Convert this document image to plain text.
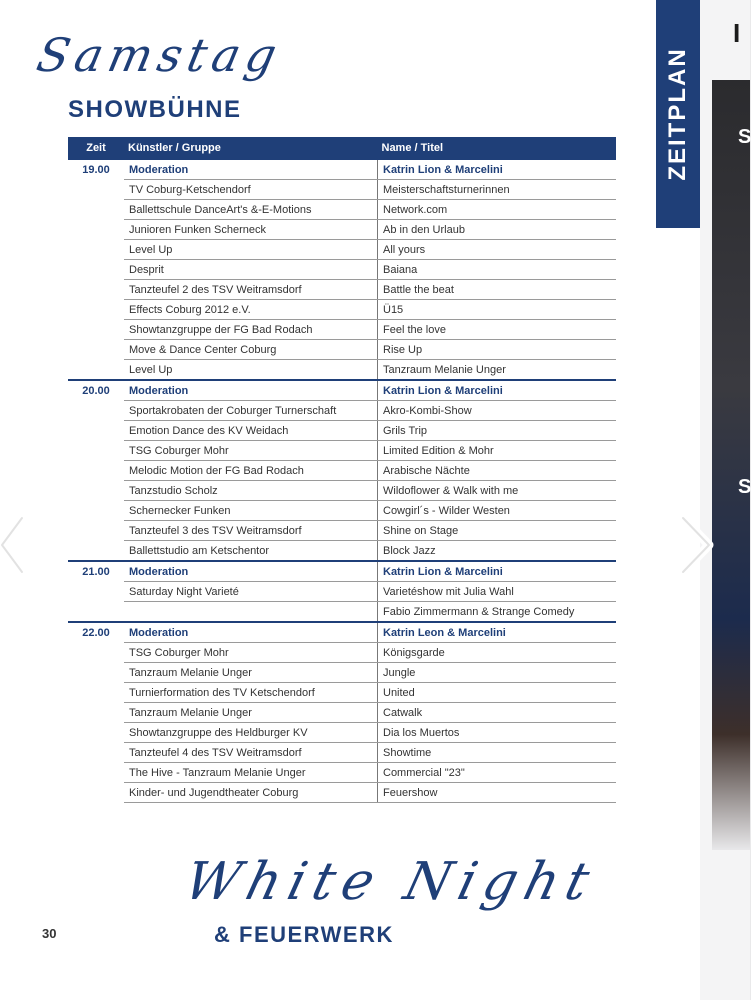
Samstag
SHOWBÜHNE
Zeit	Künstler / Gruppe	Name / Titel
19.00	Moderation	Katrin Lion & Marcelini
	TV Coburg-Ketschendorf	Meisterschaftsturnerinnen
	Ballettschule DanceArt's &-E-Motions	Network.com
	Junioren Funken Scherneck	Ab in den Urlaub
	Level Up	All yours
	Desprit	Baiana
	Tanzteufel 2 des TSV Weitramsdorf	Battle the beat
	Effects Coburg 2012 e.V.	Ü15
	Showtanzgruppe der FG Bad Rodach	Feel the love
	Move & Dance Center Coburg	Rise Up
	Level Up	Tanzraum Melanie Unger
20.00	Moderation	Katrin Lion & Marcelini
	Sportakrobaten der Coburger Turnerschaft	Akro-Kombi-Show
	Emotion Dance des KV Weidach	Grils Trip
	TSG Coburger Mohr	Limited Edition & Mohr
	Melodic Motion der FG Bad Rodach	Arabische Nächte
	Tanzstudio Scholz	Wildoflower & Walk with me
	Schernecker Funken	Cowgirl´s - Wilder Westen
	Tanzteufel 3 des TSV Weitramsdorf	Shine on Stage
	Ballettstudio am Ketschentor	Block Jazz
21.00	Moderation	Katrin Lion & Marcelini
	Saturday Night Varieté	Varietéshow mit Julia Wahl
		Fabio Zimmermann & Strange Comedy
22.00	Moderation	Katrin Leon & Marcelini
	TSG Coburger Mohr	Königsgarde
	Tanzraum Melanie Unger	Jungle
	Turnierformation des TV Ketschendorf	United
	Tanzraum Melanie Unger	Catwalk
	Showtanzgruppe des Heldburger KV	Dia los Muertos
	Tanzteufel 4 des TSV Weitramsdorf	Showtime
	The Hive - Tanzraum Melanie Unger	Commercial "23"
	Kinder- und Jugendtheater Coburg	Feuershow
White Night
& FEUERWERK
30
ZEITPLAN	S
S
I
